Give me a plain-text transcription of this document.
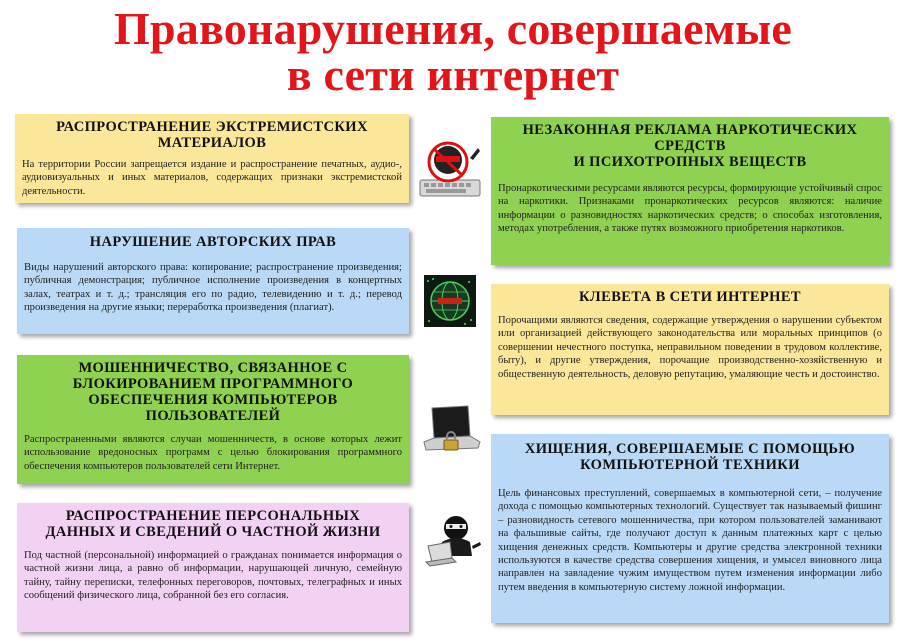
Правонарушения, совершаемые
в сети интернет
РАСПРОСТРАНЕНИЕ ЭКСТРЕМИСТСКИХ
МАТЕРИАЛОВ

На территории России запрещается издание и распространение печатных, аудио-, аудиовизуальных и иных материалов, содержащих признаки экстремистской деятельности.

НАРУШЕНИЕ АВТОРСКИХ ПРАВ

Виды нарушений авторского права: копирование; распространение произведения; публичная демонстрация; публичное исполнение произведения в концертных залах, театрах и т. д.; трансляция его по радио, телевидению и т. д.; перевод произведения на другие языки; переработка произведения (плагиат).

МОШЕННИЧЕСТВО, СВЯЗАННОЕ С
БЛОКИРОВАНИЕМ ПРОГРАММНОГО
ОБЕСПЕЧЕНИЯ КОМПЬЮТЕРОВ
ПОЛЬЗОВАТЕЛЕЙ

Распространенными являются случаи мошенничеств, в основе которых лежит использование вредоносных программ с целью блокирования программного обеспечения компьютеров пользователей сети Интернет.

РАСПРОСТРАНЕНИЕ ПЕРСОНАЛЬНЫХ
ДАННЫХ И СВЕДЕНИЙ О ЧАСТНОЙ ЖИЗНИ

Под частной (персональной) информацией о гражданах понимается информация о частной жизни лица, а равно об информации, нарушающей личную, семейную тайну, тайну переписки, телефонных переговоров, почтовых, телеграфных и иных сообщений физического лица, собранной без его согласия.

НЕЗАКОННАЯ РЕКЛАМА НАРКОТИЧЕСКИХ
СРЕДСТВ
И ПСИХОТРОПНЫХ ВЕЩЕСТВ

Пронаркотическими ресурсами являются ресурсы, формирующие устойчивый спрос на наркотики. Признаками пронаркотических ресурсов являются: наличие информации о разновидностях наркотических средств; о способах изготовления, методах употребления, а также путях возможного приобретения наркотиков.

КЛЕВЕТА В СЕТИ ИНТЕРНЕТ

Порочащими являются сведения, содержащие утверждения о нарушении субъектом или организацией действующего законодательства или моральных принципов (о совершении нечестного поступка, неправильном поведении в трудовом коллективе, быту), и другие утверждения, порочащие производственно-хозяйственную и общественную деятельность, деловую репутацию, умаляющие честь и достоинство.

ХИЩЕНИЯ, СОВЕРШАЕМЫЕ С ПОМОЩЬЮ
КОМПЬЮТЕРНОЙ ТЕХНИКИ

Цель финансовых преступлений, совершаемых в компьютерной сети, – получение дохода с помощью компьютерных технологий. Существует так называемый фишинг – разновидность сетевого мошенничества, при котором пользователей заманивают на фальшивые сайты, где получают доступ к данным платежных карт с целью хищения денежных средств. Компьютеры и другие средства электронной техники используются в качестве средства совершения хищения, и умысел виновного лица направлен на завладение чужим имуществом путем изменения информации либо путем введения в компьютерную систему ложной информации.
